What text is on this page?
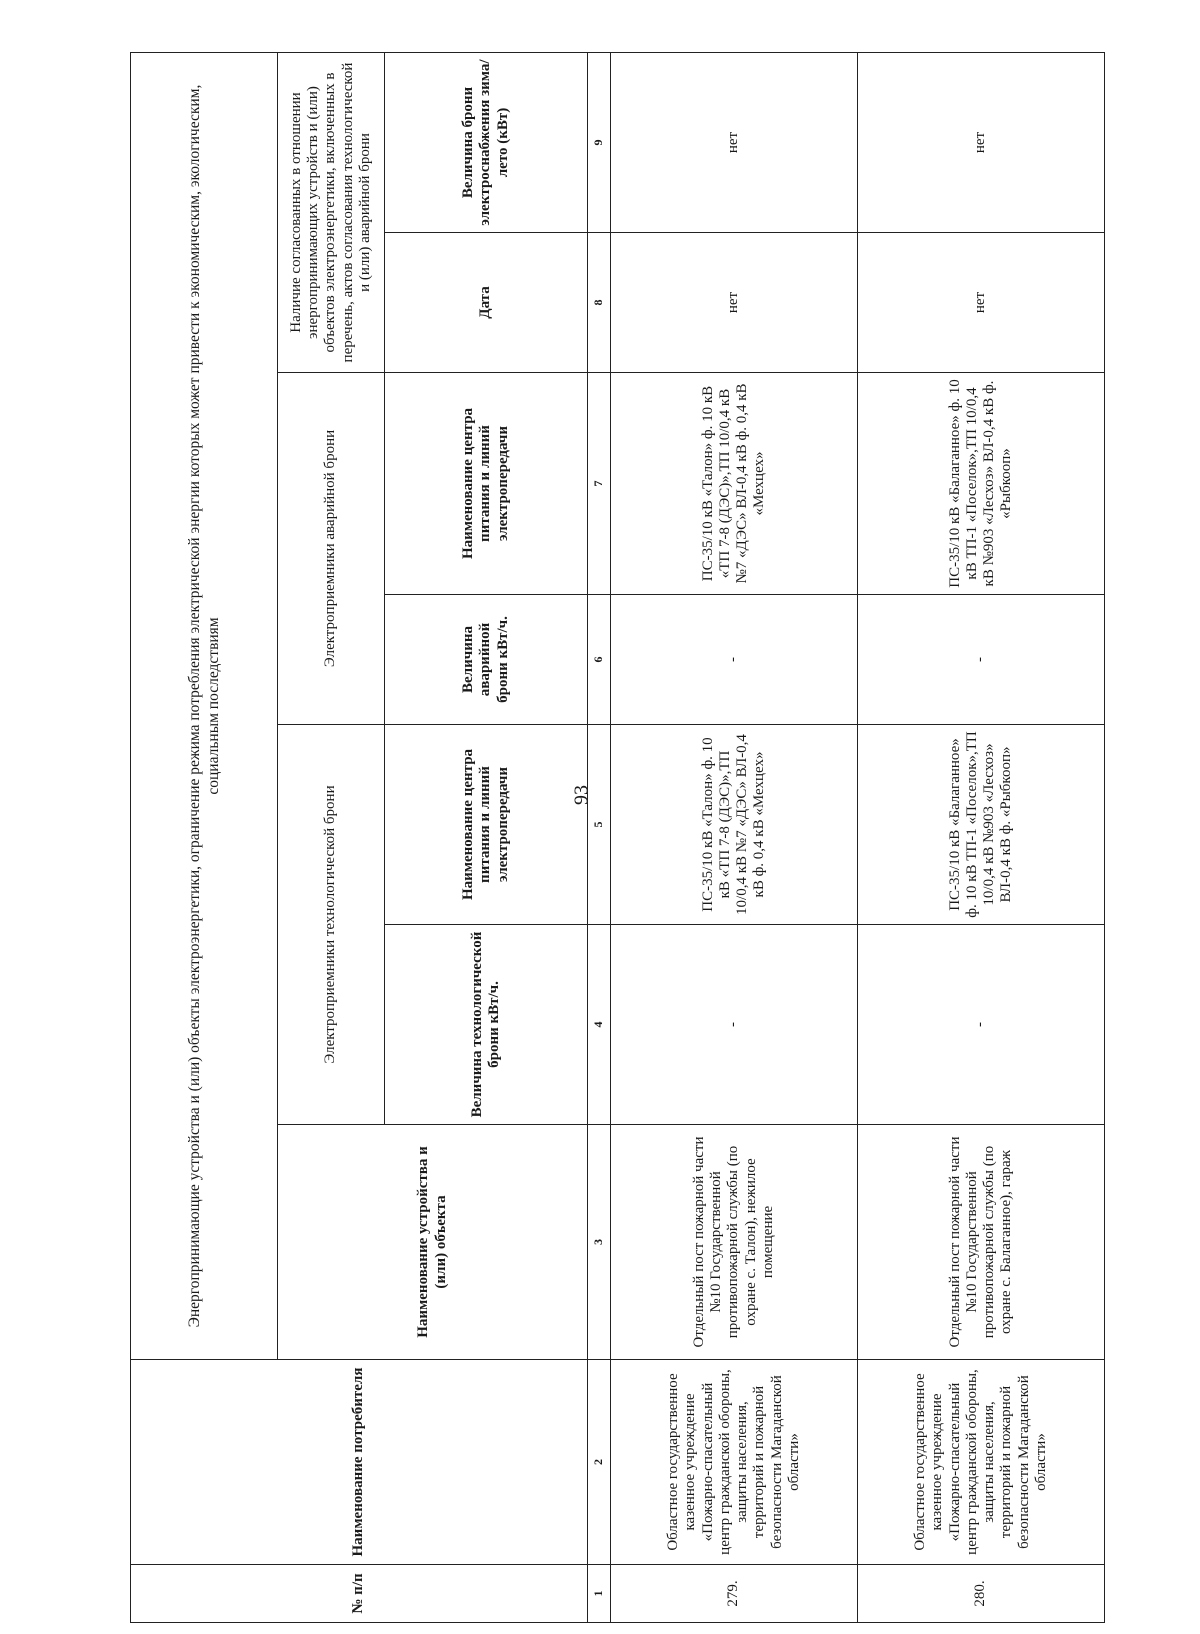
93
№ п/п	Наименование потребителя	Энергопринимающие устройства и (или) объекты электроэнергетики, ограничение режима потребления электрической энергии которых может привести к экономическим, экологическим, социальным последствиям						
		Наименование устройства и (или) объекта	Электроприемники технологической брони		Электроприемники аварийной брони		Наличие согласованных в отношении энергопринимающих устройств и (или) объектов электроэнергетики, включенных в перечень, актов согласования технологической и (или) аварийной брони	
			Величина технологической брони кВт/ч.	Наименование центра питания и линий электропередачи	Величина аварийной брони кВт/ч.	Наименование центра питания и линий электропередачи	Дата	Величина брони электроснабжения зима/лето (кВт)
1	2	3	4	5	6	7	8	9
279.	Областное государственное казенное учреждение «Пожарно-спасательный центр гражданской обороны, защиты населения, территорий и пожарной безопасности Магаданской области»	Отдельный пост пожарной части №10 Государственной противопожарной службы (по охране с. Талон), нежилое помещение	-	ПС-35/10 кВ «Талон» ф. 10 кВ «ТП 7-8 (ДЭС)»,ТП 10/0,4 кВ №7 «ДЭС» ВЛ-0,4 кВ ф. 0,4 кВ «Мехцех»	-	ПС-35/10 кВ «Талон» ф. 10 кВ «ТП 7-8 (ДЭС)»,ТП 10/0,4 кВ №7 «ДЭС» ВЛ-0,4 кВ ф. 0,4 кВ «Мехцех»	нет	нет
280.	Областное государственное казенное учреждение «Пожарно-спасательный центр гражданской обороны, защиты населения, территорий и пожарной безопасности Магаданской области»	Отдельный пост пожарной части №10 Государственной противопожарной службы (по охране с. Балаганное), гараж	-	ПС-35/10 кВ «Балаганное» ф. 10 кВ ТП-1 «Поселок»,ТП 10/0,4 кВ №903 «Лесхоз» ВЛ-0,4 кВ ф. «Рыбкооп»	-	ПС-35/10 кВ «Балаганное» ф. 10 кВ ТП-1 «Поселок»,ТП 10/0,4 кВ №903 «Лесхоз» ВЛ-0,4 кВ ф. «Рыбкооп»	нет	нет
